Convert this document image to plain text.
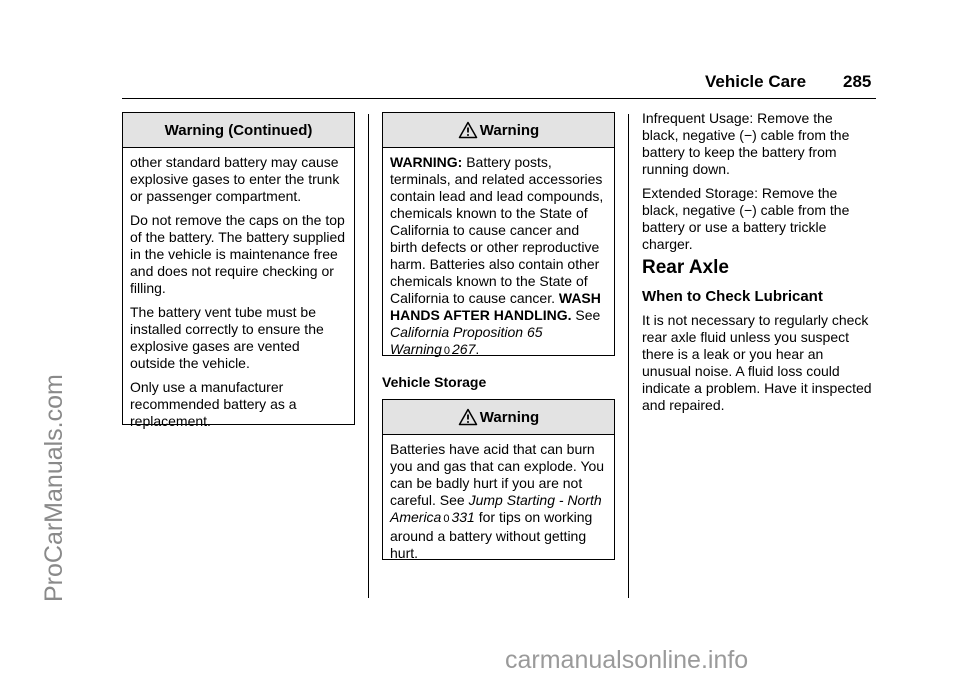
ProCarManuals.com
Vehicle Care 285
Warning (Continued)

other standard battery may cause explosive gases to enter the trunk or passenger compartment.

Do not remove the caps on the top of the battery. The battery supplied in the vehicle is maintenance free and does not require checking or filling.

The battery vent tube must be installed correctly to ensure the explosive gases are vented outside the vehicle.

Only use a manufacturer recommended battery as a replacement.

Warning

WARNING: Battery posts, terminals, and related accessories contain lead and lead compounds, chemicals known to the State of California to cause cancer and birth defects or other reproductive harm. Batteries also contain other chemicals known to the State of California to cause cancer. WASH HANDS AFTER HANDLING. See California Proposition 65 Warning 0 267.

Vehicle Storage
Warning

Batteries have acid that can burn you and gas that can explode. You can be badly hurt if you are not careful. See Jump Starting - North America 0 331 for tips on working around a battery without getting hurt.

Infrequent Usage: Remove the black, negative (−) cable from the battery to keep the battery from running down.

Extended Storage: Remove the black, negative (−) cable from the battery or use a battery trickle charger.

Rear Axle
When to Check Lubricant
It is not necessary to regularly check rear axle fluid unless you suspect there is a leak or you hear an unusual noise. A fluid loss could indicate a problem. Have it inspected and repaired.
carmanualsonline.info
